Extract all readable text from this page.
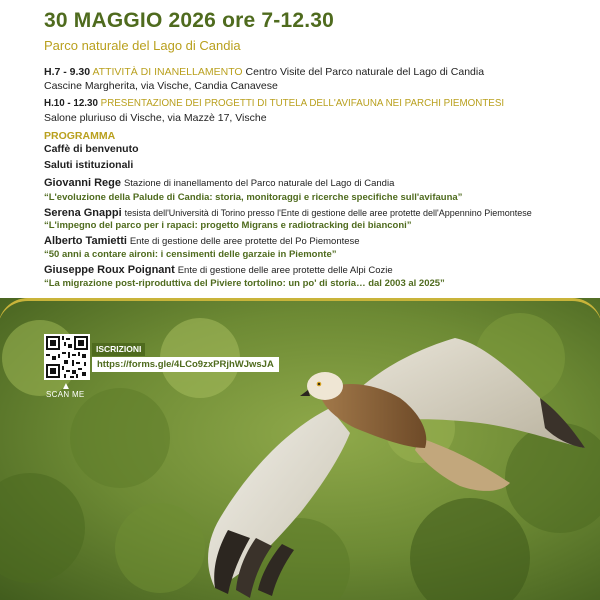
30 MAGGIO 2026 ore 7-12.30
Parco naturale del Lago di Candia
H.7 - 9.30 ATTIVITÀ DI INANELLAMENTO Centro Visite del Parco naturale del Lago di Candia
Cascine Margherita, via Vische, Candia Canavese
H.10 - 12.30 PRESENTAZIONE DEI PROGETTI DI TUTELA DELL'AVIFAUNA NEI PARCHI PIEMONTESI
Salone pluriuso di Vische, via Mazzè 17, Vische
PROGRAMMA
Caffè di benvenuto
Saluti istituzionali
Giovanni Rege Stazione di inanellamento del Parco naturale del Lago di Candia
“L'evoluzione della Palude di Candia: storia, monitoraggi e ricerche specifiche sull'avifauna”
Serena Gnappi tesista dell'Università di Torino presso l'Ente di gestione delle aree protette dell'Appennino Piemontese
“L'impegno del parco per i rapaci: progetto Migrans e radiotracking dei bianconi”
Alberto Tamietti Ente di gestione delle aree protette del Po Piemontese
“50 anni a contare aironi: i censimenti delle garzaie in Piemonte”
Giuseppe Roux Poignant Ente di gestione delle aree protette delle Alpi Cozie
“La migrazione post-riproduttiva del Piviere tortolino: un po' di storia… dal 2003 al 2025”
▲
SCAN ME
ISCRIZIONI
https://forms.gle/4LCo9zxPRjhWJwsJA
